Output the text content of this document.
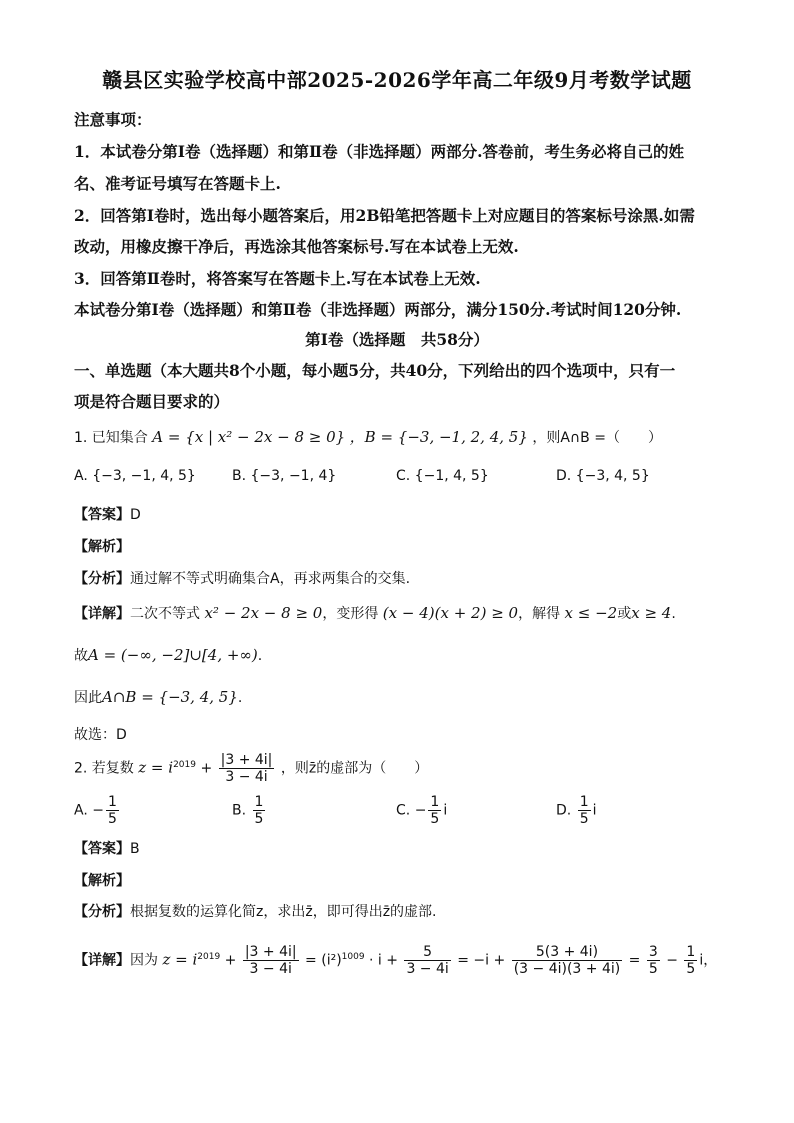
赣县区实验学校高中部2025-2026学年高二年级9月考数学试题
注意事项：
1．本试卷分第Ⅰ卷（选择题）和第Ⅱ卷（非选择题）两部分.答卷前，考生务必将自己的姓
名、准考证号填写在答题卡上.
2．回答第Ⅰ卷时，选出每小题答案后，用2B铅笔把答题卡上对应题目的答案标号涂黑.如需
改动，用橡皮擦干净后，再选涂其他答案标号.写在本试卷上无效.
3．回答第Ⅱ卷时，将答案写在答题卡上.写在本试卷上无效.
本试卷分第Ⅰ卷（选择题）和第Ⅱ卷（非选择题）两部分，满分150分.考试时间120分钟.
第Ⅰ卷（选择题　共58分）
一、单选题（本大题共8个小题，每小题5分，共40分，下列给出的四个选项中，只有一
项是符合题目要求的）
1. 已知集合 A = {x | x² − 2x − 8 ≥ 0} ，B = {−3, −1, 2, 4, 5} ，则A∩B =（　　）
A. {−3, −1, 4, 5}	B. {−3, −1, 4}	C. {−1, 4, 5}	D. {−3, 4, 5}
【答案】D
【解析】
【分析】通过解不等式明确集合A，再求两集合的交集.
【详解】二次不等式 x² − 2x − 8 ≥ 0，变形得 (x − 4)(x + 2) ≥ 0，解得 x ≤ −2或x ≥ 4.
故A = (−∞, −2]∪[4, +∞).
因此A∩B = {−3, 4, 5}.
故选：D
2. 若复数 $z = i^{2019} + \frac{|3 + 4i|}{3 - 4i}$ ，则z̄的虚部为（　　）
A. − $\frac{1}{5}$	B. $\frac{1}{5}$	C. − $\frac{1}{5}$ i	D. $\frac{1}{5}$ i
【答案】B
【解析】
【分析】根据复数的运算化简z，求出z̄，即可得出z̄的虚部.
【详解】因为 $z = i^{2019} + \frac{|3 + 4i|}{3 - 4i} = (i^2)^{1009} \cdot i + \frac{5}{3 - 4i} = -i + \frac{5(3 + 4i)}{(3 - 4i)(3 + 4i)} = \frac{3}{5} - \frac{1}{5}$ i，
